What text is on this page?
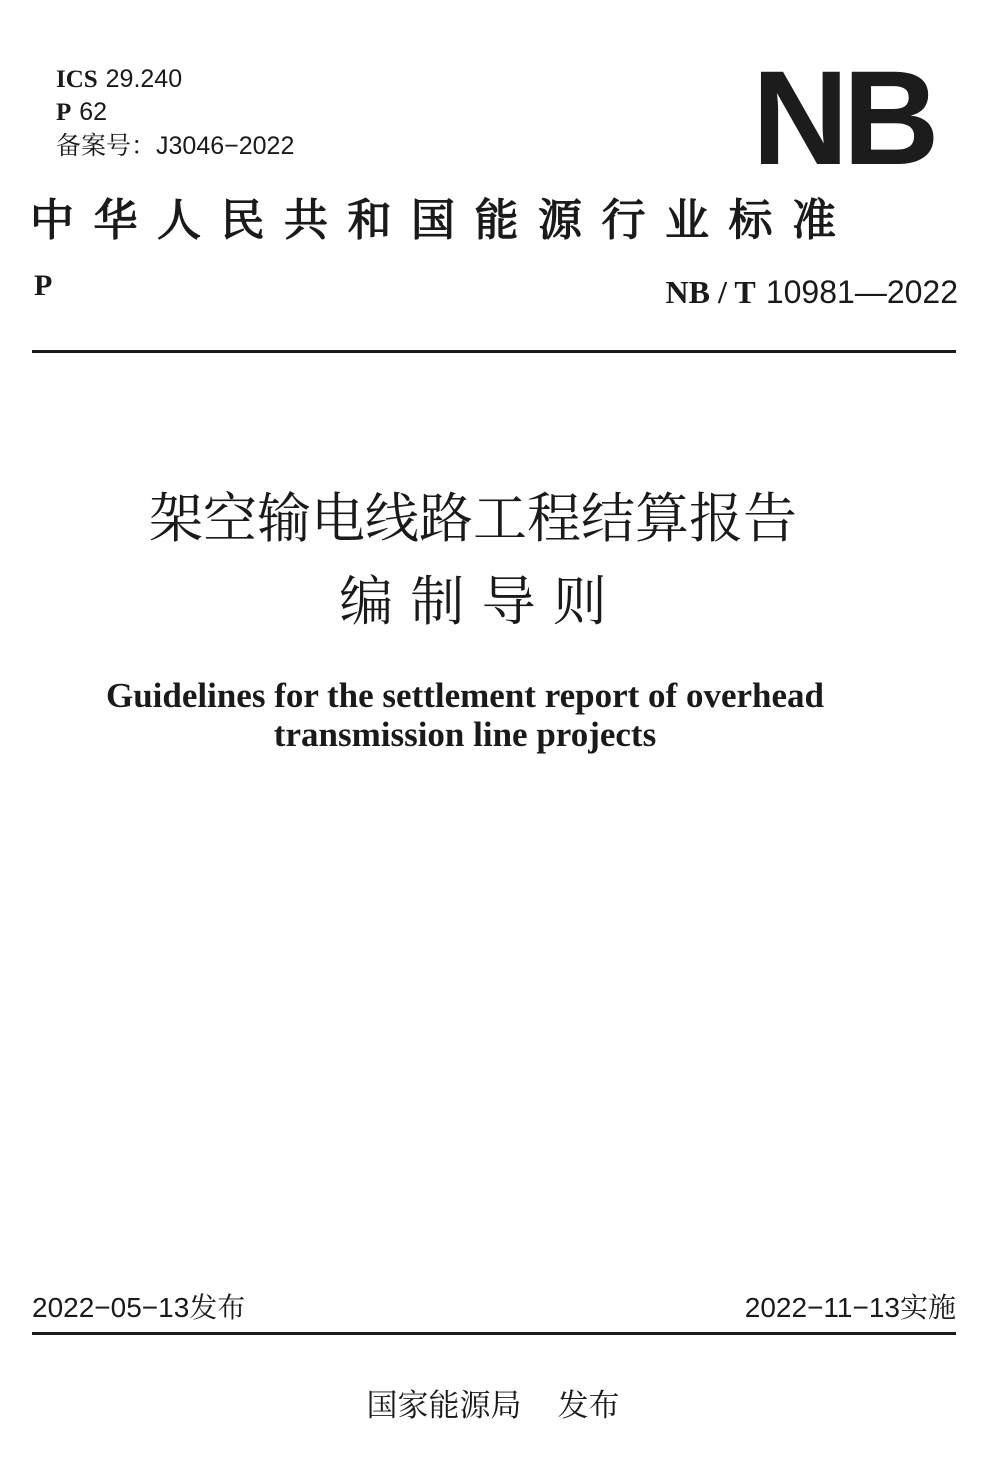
ICS 29.240
P 62
备案号：J3046−2022	NB
中华人民共和国能源行业标准
P	NB / T 10981—2022
架空输电线路工程结算报告
编 制 导 则
Guidelines for the settlement report of overhead
transmission line projects
2022−05−13发布	2022−11−13实施
国家能源局 发布
